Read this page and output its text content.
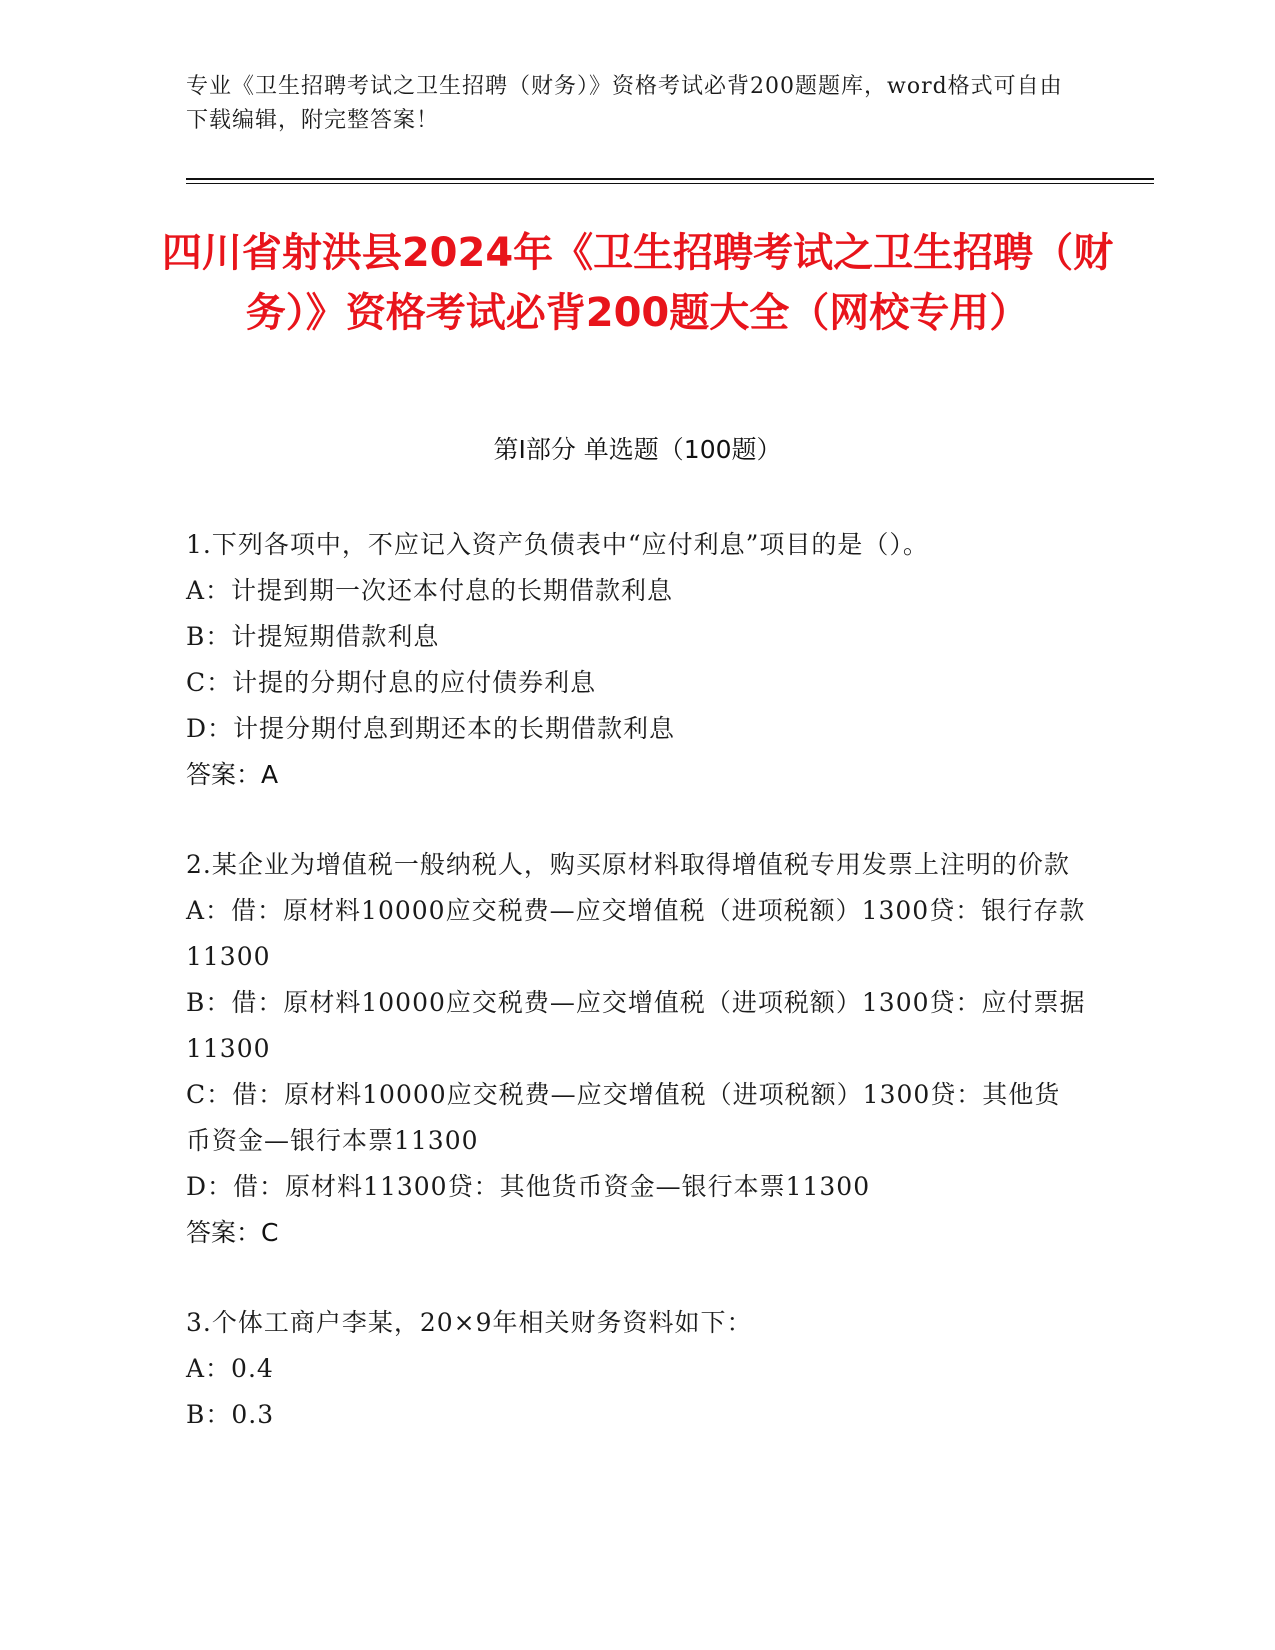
专业《卫生招聘考试之卫生招聘（财务）》资格考试必背200题题库，word格式可自由下载编辑，附完整答案！
四川省射洪县2024年《卫生招聘考试之卫生招聘（财务）》资格考试必背200题大全（网校专用）
第I部分 单选题（100题）

1.下列各项中，不应记入资产负债表中“应付利息”项目的是（）。

A：计提到期一次还本付息的长期借款利息

B：计提短期借款利息

C：计提的分期付息的应付债券利息

D：计提分期付息到期还本的长期借款利息

答案：A

2.某企业为增值税一般纳税人，购买原材料取得增值税专用发票上注明的价款

A：借：原材料10000应交税费—应交增值税（进项税额）1300贷：银行存款11300

B：借：原材料10000应交税费—应交增值税（进项税额）1300贷：应付票据11300

C：借：原材料10000应交税费—应交增值税（进项税额）1300贷：其他货币资金—银行本票11300

D：借：原材料11300贷：其他货币资金—银行本票11300

答案：C

3.个体工商户李某，20×9年相关财务资料如下：

A：0.4

B：0.3
